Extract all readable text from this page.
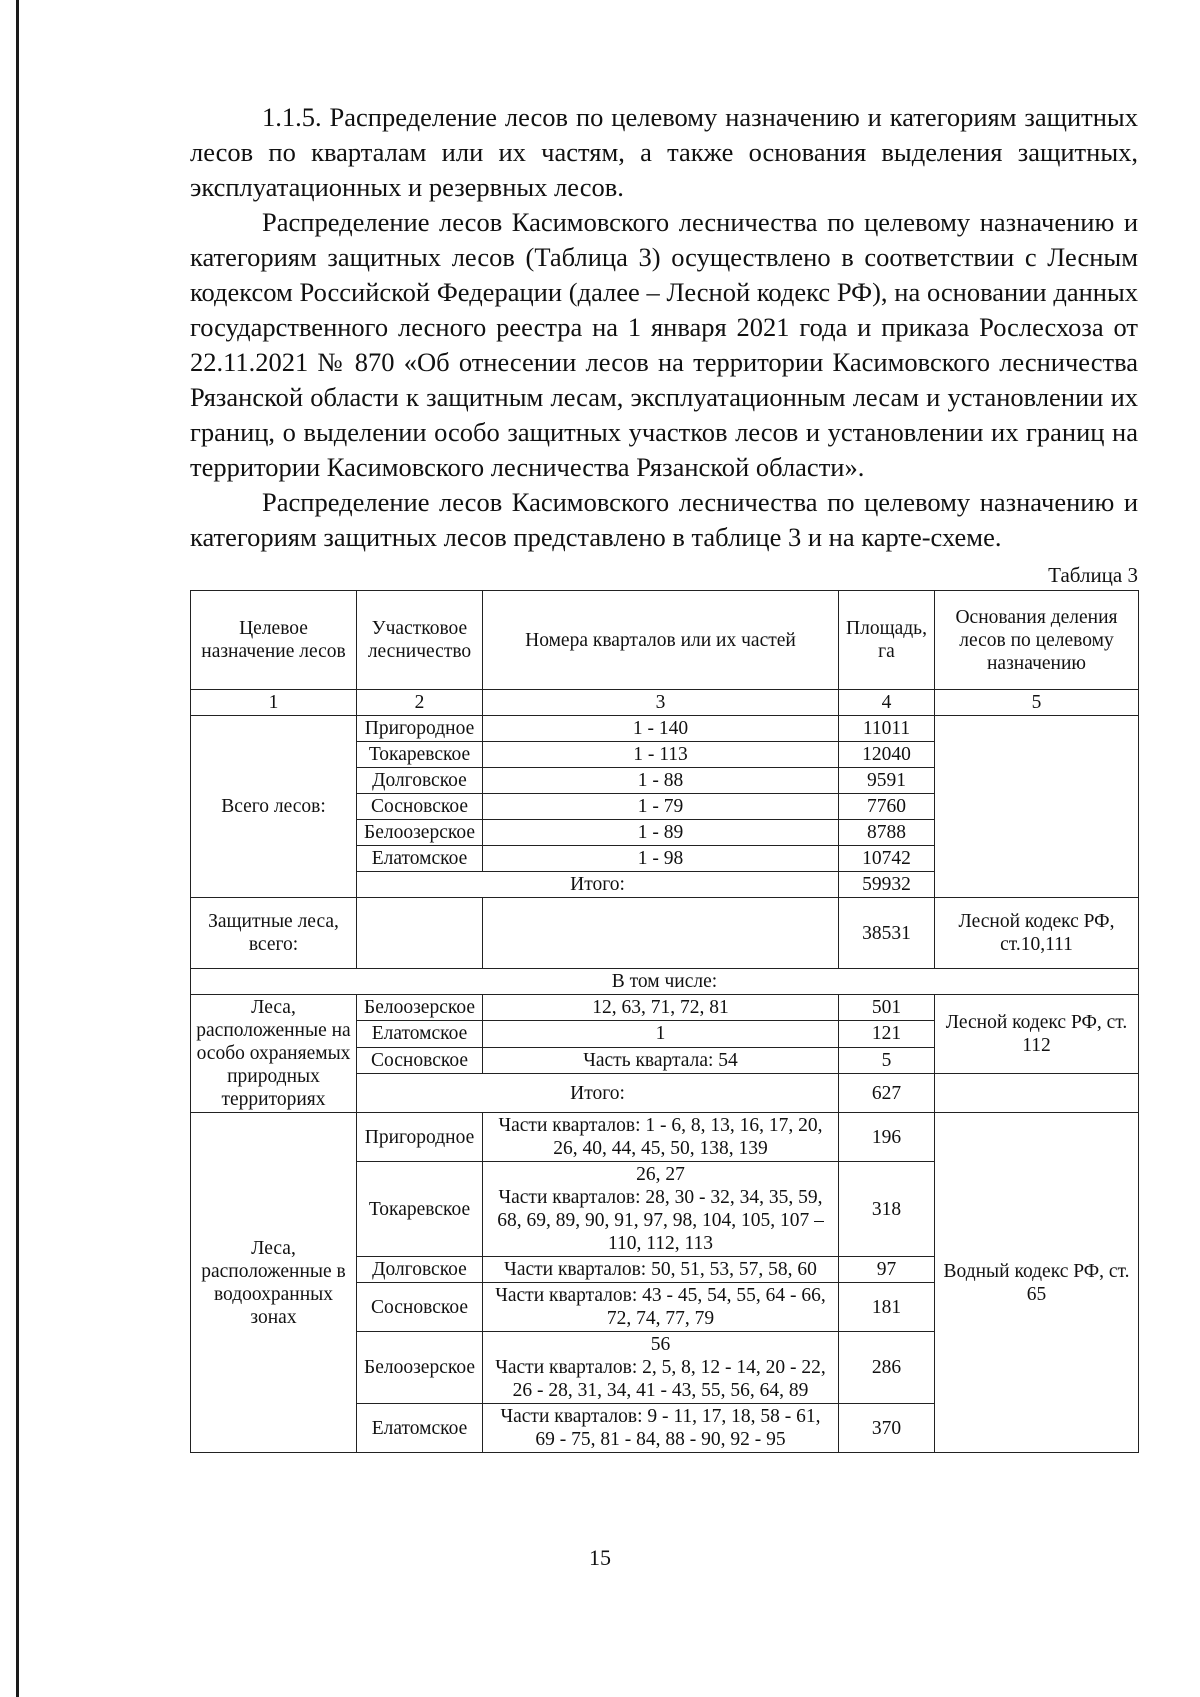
1.1.5. Распределение лесов по целевому назначению и категориям защитных лесов по кварталам или их частям, а также основания выделения защитных, эксплуатационных и резервных лесов.

Распределение лесов Касимовского лесничества по целевому назначению и категориям защитных лесов (Таблица 3) осуществлено в соответствии с Лесным кодексом Российской Федерации (далее – Лесной кодекс РФ), на основании данных государственного лесного реестра на 1 января 2021 года и приказа Рослесхоза от 22.11.2021 № 870 «Об отнесении лесов на территории Касимовского лесничества Рязанской области к защитным лесам, эксплуатационным лесам и установлении их границ, о выделении особо защитных участков лесов и установлении их границ на территории Касимовского лесничества Рязанской области».

Распределение лесов Касимовского лесничества по целевому назначению и категориям защитных лесов представлено в таблице 3 и на карте-схеме.

Таблица 3
Целевое назначение лесов	Участковое лесничество	Номера кварталов или их частей	Площадь, га	Основания деления лесов по целевому назначению
1	2	3	4	5
Всего лесов:	Пригородное	1 - 140	11011	
	Токаревское	1 - 113	12040	
	Долговское	1 - 88	9591	
	Сосновское	1 - 79	7760	
	Белоозерское	1 - 89	8788	
	Елатомское	1 - 98	10742	
	Итого:		59932	
Защитные леса, всего:			38531	Лесной кодекс РФ, ст.10,111
В том числе:				
Леса, расположенные на особо охраняемых природных территориях	Белоозерское	12, 63, 71, 72, 81	501	Лесной кодекс РФ, ст. 112
	Елатомское	1	121	
	Сосновское	Часть квартала: 54	5	
	Итого:		627	
Леса, расположенные в водоохранных зонах	Пригородное	Части кварталов: 1 - 6, 8, 13, 16, 17, 20,
26, 40, 44, 45, 50, 138, 139	196	Водный кодекс РФ, ст. 65
	Токаревское	26, 27
Части кварталов: 28, 30 - 32, 34, 35, 59,
68, 69, 89, 90, 91, 97, 98, 104, 105, 107 –
110, 112, 113	318	
	Долговское	Части кварталов: 50, 51, 53, 57, 58, 60	97	
	Сосновское	Части кварталов: 43 - 45, 54, 55, 64 - 66,
72, 74, 77, 79	181	
	Белоозерское	56
Части кварталов: 2, 5, 8, 12 - 14, 20 - 22,
26 - 28, 31, 34, 41 - 43, 55, 56, 64, 89	286	
	Елатомское	Части кварталов: 9 - 11, 17, 18, 58 - 61,
69 - 75, 81 - 84, 88 - 90, 92 - 95	370	
15
